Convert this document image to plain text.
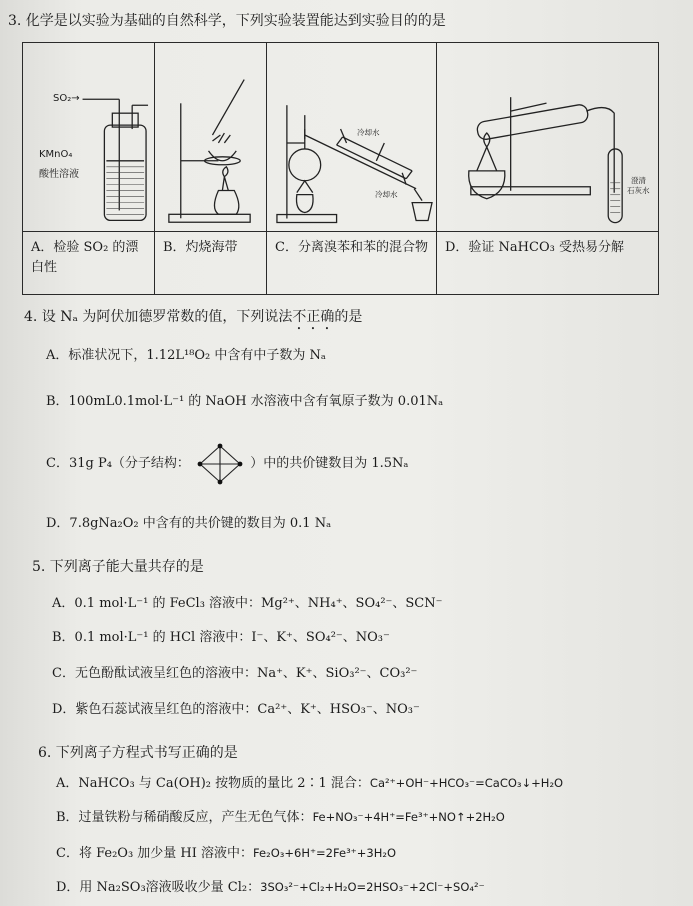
3. 化学是以实验为基础的自然科学，下列实验装置能达到实验目的的是
SO₂→
KMnO₄
酸性溶液		冷却水
冷却水	澄清
石灰水

A．检验 SO₂ 的漂白性	B．灼烧海带	C．分离溴苯和苯的混合物	D．验证 NaHCO₃ 受热易分解
4. 设 Nₐ 为阿伏加德罗常数的值，下列说法不正确的是
A．标准状况下，1.12L¹⁸O₂ 中含有中子数为 Nₐ
B．100mL0.1mol·L⁻¹ 的 NaOH 水溶液中含有氧原子数为 0.01Nₐ
C．31g P₄（分子结构：	）中的共价键数目为 1.5Nₐ
D．7.8gNa₂O₂ 中含有的共价键的数目为 0.1 Nₐ
5. 下列离子能大量共存的是
A．0.1 mol·L⁻¹ 的 FeCl₃ 溶液中：Mg²⁺、NH₄⁺、SO₄²⁻、SCN⁻
B．0.1 mol·L⁻¹ 的 HCl 溶液中：I⁻、K⁺、SO₄²⁻、NO₃⁻
C．无色酚酞试液呈红色的溶液中：Na⁺、K⁺、SiO₃²⁻、CO₃²⁻
D．紫色石蕊试液呈红色的溶液中：Ca²⁺、K⁺、HSO₃⁻、NO₃⁻
6. 下列离子方程式书写正确的是
A．NaHCO₃ 与 Ca(OH)₂ 按物质的量比 2∶1 混合：Ca²⁺+OH⁻+HCO₃⁻=CaCO₃↓+H₂O
B．过量铁粉与稀硝酸反应，产生无色气体：Fe+NO₃⁻+4H⁺=Fe³⁺+NO↑+2H₂O
C．将 Fe₂O₃ 加少量 HI 溶液中：Fe₂O₃+6H⁺=2Fe³⁺+3H₂O
D．用 Na₂SO₃溶液吸收少量 Cl₂：3SO₃²⁻+Cl₂+H₂O=2HSO₃⁻+2Cl⁻+SO₄²⁻
